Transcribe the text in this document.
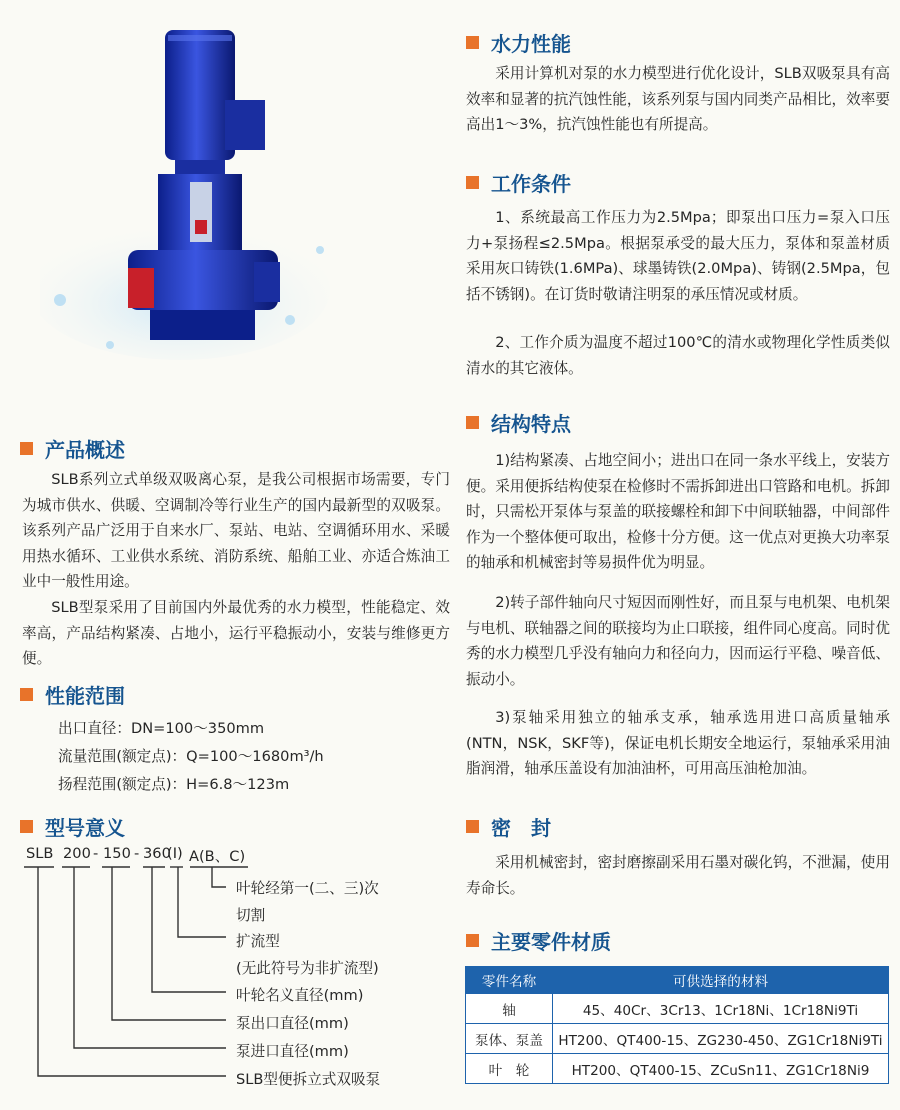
产品概述

SLB系列立式单级双吸离心泵，是我公司根据市场需要，专门为城市供水、供暖、空调制冷等行业生产的国内最新型的双吸泵。该系列产品广泛用于自来水厂、泵站、电站、空调循环用水、采暖用热水循环、工业供水系统、消防系统、船舶工业、亦适合炼油工业中一般性用途。

SLB型泵采用了目前国内外最优秀的水力模型，性能稳定、效率高，产品结构紧凑、占地小，运行平稳振动小，安装与维修更方便。

性能范围
出口直径：DN=100～350mm
流量范围(额定点)：Q=100～1680m³/h
扬程范围(额定点)：H=6.8～123m
型号意义
SLB 200 - 150 - 360
(I) A(B、C)
叶轮经第一(二、三)次
切割
扩流型
(无此符号为非扩流型)
叶轮名义直径(mm)
泵出口直径(mm)
泵进口直径(mm)
SLB型便拆立式双吸泵
水力性能

采用计算机对泵的水力模型进行优化设计，SLB双吸泵具有高效率和显著的抗汽蚀性能，该系列泵与国内同类产品相比，效率要高出1～3%，抗汽蚀性能也有所提高。

工作条件

1、系统最高工作压力为2.5Mpa；即泵出口压力=泵入口压力+泵扬程≤2.5Mpa。根据泵承受的最大压力，泵体和泵盖材质采用灰口铸铁(1.6MPa)、球墨铸铁(2.0Mpa)、铸钢(2.5Mpa，包括不锈钢)。在订货时敬请注明泵的承压情况或材质。

2、工作介质为温度不超过100℃的清水或物理化学性质类似清水的其它液体。

结构特点

1)结构紧凑、占地空间小；进出口在同一条水平线上，安装方便。采用便拆结构使泵在检修时不需拆卸进出口管路和电机。拆卸时，只需松开泵体与泵盖的联接螺栓和卸下中间联轴器，中间部件作为一个整体便可取出，检修十分方便。这一优点对更换大功率泵的轴承和机械密封等易损件优为明显。

2)转子部件轴向尺寸短因而刚性好，而且泵与电机架、电机架与电机、联轴器之间的联接均为止口联接，组件同心度高。同时优秀的水力模型几乎没有轴向力和径向力，因而运行平稳、噪音低、振动小。

3)泵轴采用独立的轴承支承，轴承选用进口高质量轴承(NTN，NSK，SKF等)，保证电机长期安全地运行，泵轴承采用油脂润滑，轴承压盖设有加油油杯，可用高压油枪加油。

密　封

采用机械密封，密封磨擦副采用石墨对碳化钨，不泄漏，使用寿命长。

主要零件材质
零件名称	可供选择的材料
轴	45、40Cr、3Cr13、1Cr18Ni、1Cr18Ni9Ti
泵体、泵盖	HT200、QT400-15、ZG230-450、ZG1Cr18Ni9Ti
叶　轮	HT200、QT400-15、ZCuSn11、ZG1Cr18Ni9
